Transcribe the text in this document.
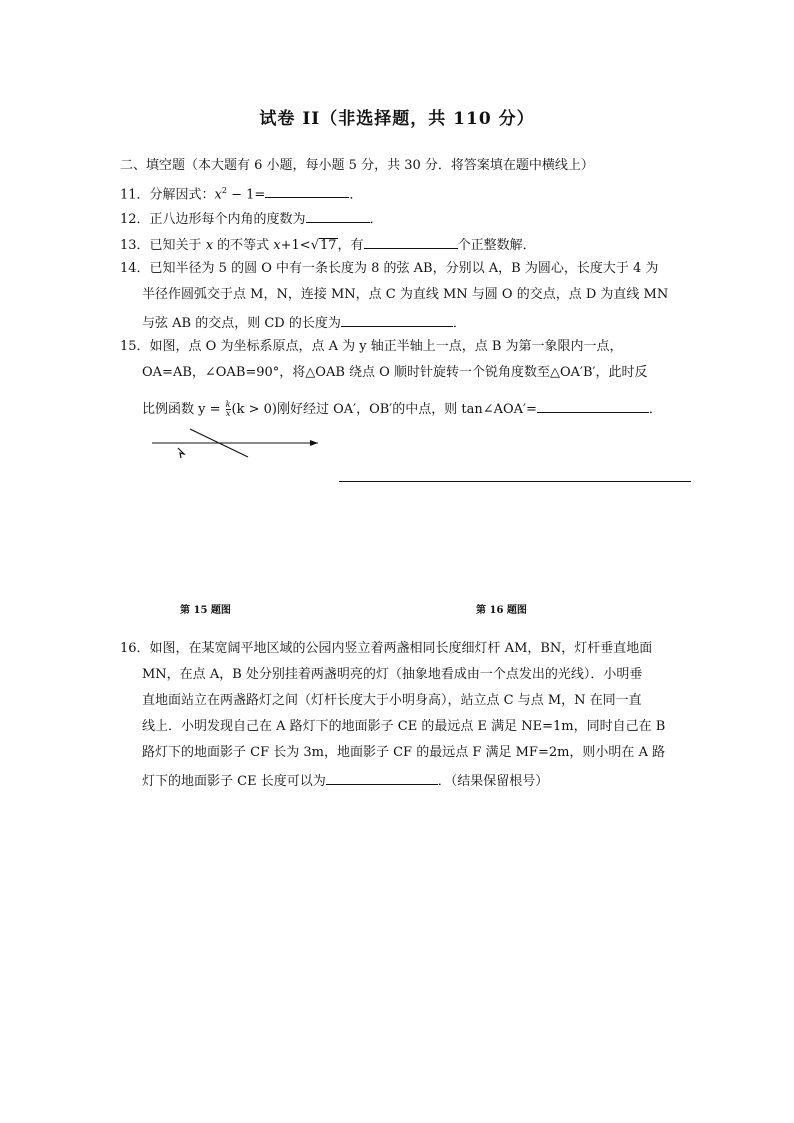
试卷 II（非选择题，共 110 分）
二、填空题（本大题有 6 小题，每小题 5 分，共 30 分．将答案填在题中横线上）
11．分解因式：$x^2 - 1=$	．
12．正八边形每个内角的度数为	．
13．已知关于 x 的不等式 x+1<√17，有	个正整数解．
14．已知半径为 5 的圆 O 中有一条长度为 8 的弦 AB，分别以 A，B 为圆心，长度大于 4 为
半径作圆弧交于点 M，N，连接 MN，点 C 为直线 MN 与圆 O 的交点，点 D 为直线 MN
与弦 AB 的交点，则 CD 的长度为	．
15．如图，点 O 为坐标系原点，点 A 为 y 轴正半轴上一点，点 B 为第一象限内一点，
OA=AB，∠OAB=90°，将△OAB 绕点 O 顺时针旋转一个锐角度数至△OA′B′，此时反
比例函数 $y = \frac{k}{x} (k > 0)$刚好经过 OA′，OB′的中点，则 tan∠AOA′=	．
第 15 题图	第 16 题图
16．如图，在某宽阔平地区域的公园内竖立着两盏相同长度细灯杆 AM，BN，灯杆垂直地面
MN，在点 A，B 处分别挂着两盏明亮的灯（抽象地看成由一个点发出的光线）．小明垂
直地面站立在两盏路灯之间（灯杆长度大于小明身高），站立点 C 与点 M，N 在同一直
线上．小明发现自己在 A 路灯下的地面影子 CE 的最远点 E 满足 NE=1m，同时自己在 B
路灯下的地面影子 CF 长为 3m，地面影子 CF 的最远点 F 满足 MF=2m，则小明在 A 路
灯下的地面影子 CE 长度可以为	．（结果保留根号）
